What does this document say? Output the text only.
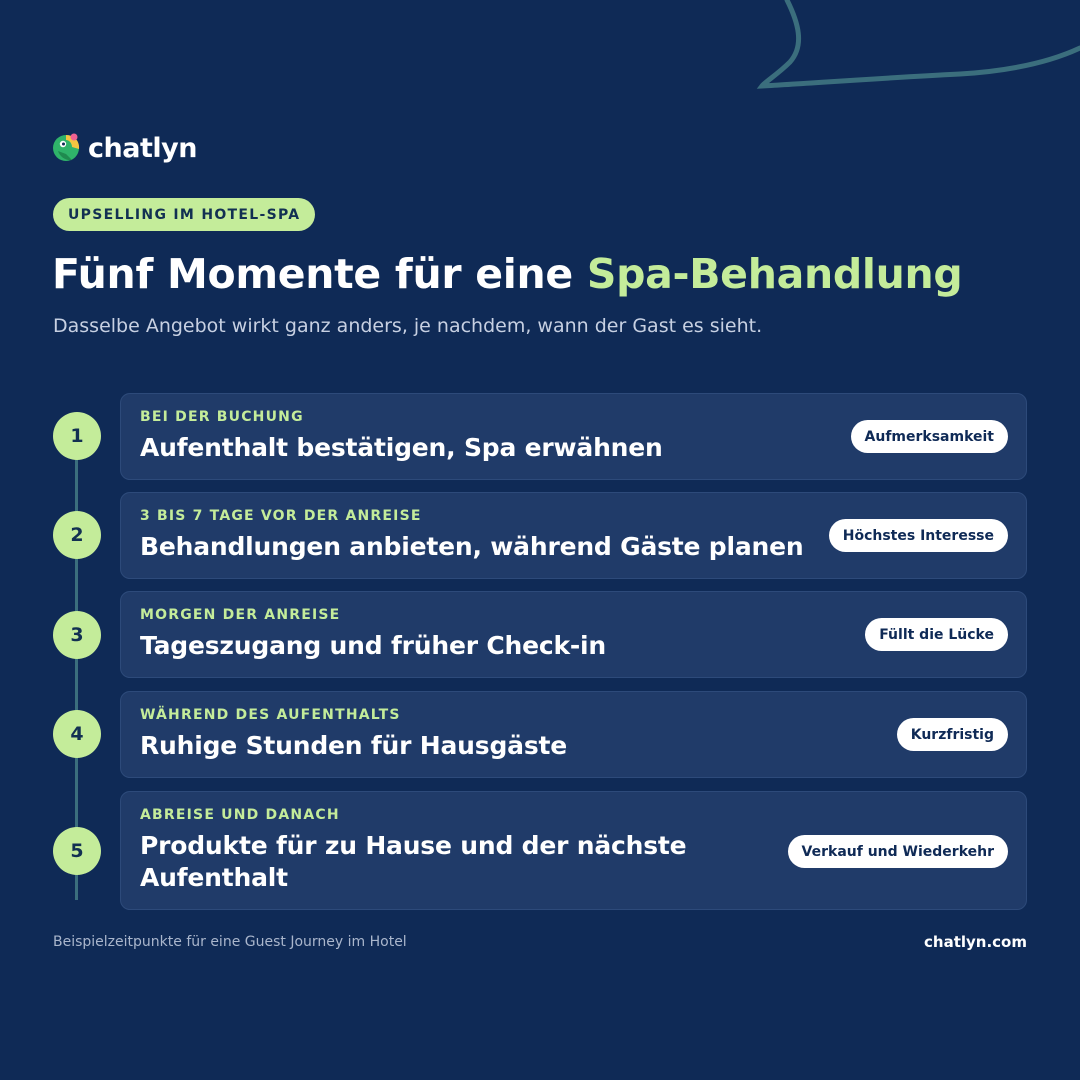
chatlyn
UPSELLING IM HOTEL-SPA
Fünf Momente für eine Spa-Behandlung

Dasselbe Angebot wirkt ganz anders, je nachdem, wann der Gast es sieht.

1
BEI DER BUCHUNG
Aufenthalt bestätigen, Spa erwähnen	Aufmerksamkeit
2
3 BIS 7 TAGE VOR DER ANREISE
Behandlungen anbieten, während Gäste planen	Höchstes Interesse
3
MORGEN DER ANREISE
Tageszugang und früher Check-in	Füllt die Lücke
4
WÄHREND DES AUFENTHALTS
Ruhige Stunden für Hausgäste	Kurzfristig
5
ABREISE UND DANACH
Produkte für zu Hause und der nächste Aufenthalt
Verkauf und Wiederkehr
Beispielzeitpunkte für eine Guest Journey im Hotel	chatlyn.com
